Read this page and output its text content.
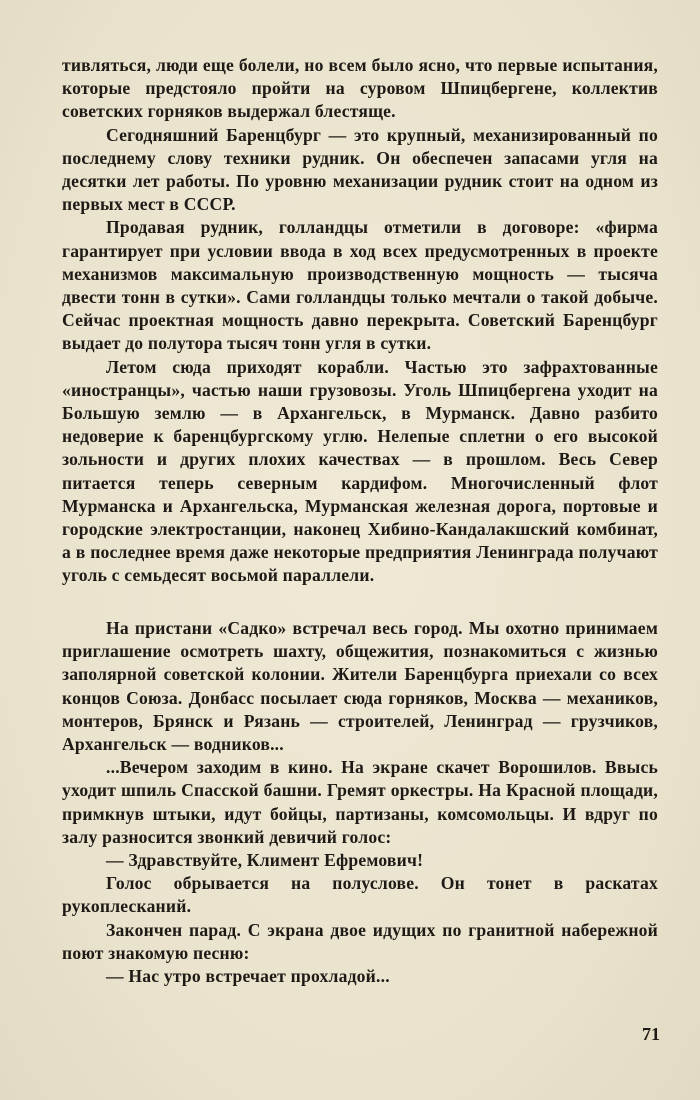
тивляться, люди еще болели, но всем было ясно, что первые испытания, которые предстояло пройти на суровом Шпицбергене, коллектив советских горняков выдержал блестяще.

Сегодняшний Баренцбург — это крупный, механизированный по последнему слову техники рудник. Он обеспечен запасами угля на десятки лет работы. По уровню механизации рудник стоит на одном из первых мест в СССР.

Продавая рудник, голландцы отметили в договоре: «фирма гарантирует при условии ввода в ход всех предусмотренных в проекте механизмов максимальную производственную мощность — тысяча двести тонн в сутки». Сами голландцы только мечтали о такой добыче. Сейчас проектная мощность давно перекрыта. Советский Баренцбург выдает до полутора тысяч тонн угля в сутки.

Летом сюда приходят корабли. Частью это зафрахтованные «иностранцы», частью наши грузовозы. Уголь Шпицбергена уходит на Большую землю — в Архангельск, в Мурманск. Давно разбито недоверие к баренцбургскому углю. Нелепые сплетни о его высокой зольности и других плохих качествах — в прошлом. Весь Север питается теперь северным кардифом. Многочисленный флот Мурманска и Архангельска, Мурманская железная дорога, портовые и городские электростанции, наконец Хибино-Кандалакшский комбинат, а в последнее время даже некоторые предприятия Ленинграда получают уголь с семьдесят восьмой параллели.

На пристани «Садко» встречал весь город. Мы охотно принимаем приглашение осмотреть шахту, общежития, познакомиться с жизнью заполярной советской колонии. Жители Баренцбурга приехали со всех концов Союза. Донбасс посылает сюда горняков, Москва — механиков, монтеров, Брянск и Рязань — строителей, Ленинград — грузчиков, Архангельск — водников...

...Вечером заходим в кино. На экране скачет Ворошилов. Ввысь уходит шпиль Спасской башни. Гремят оркестры. На Красной площади, примкнув штыки, идут бойцы, партизаны, комсомольцы. И вдруг по залу разносится звонкий девичий голос:

— Здравствуйте, Климент Ефремович!

Голос обрывается на полуслове. Он тонет в раскатах рукоплесканий.

Закончен парад. С экрана двое идущих по гранитной набережной поют знакомую песню:

— Нас утро встречает прохладой...

71
